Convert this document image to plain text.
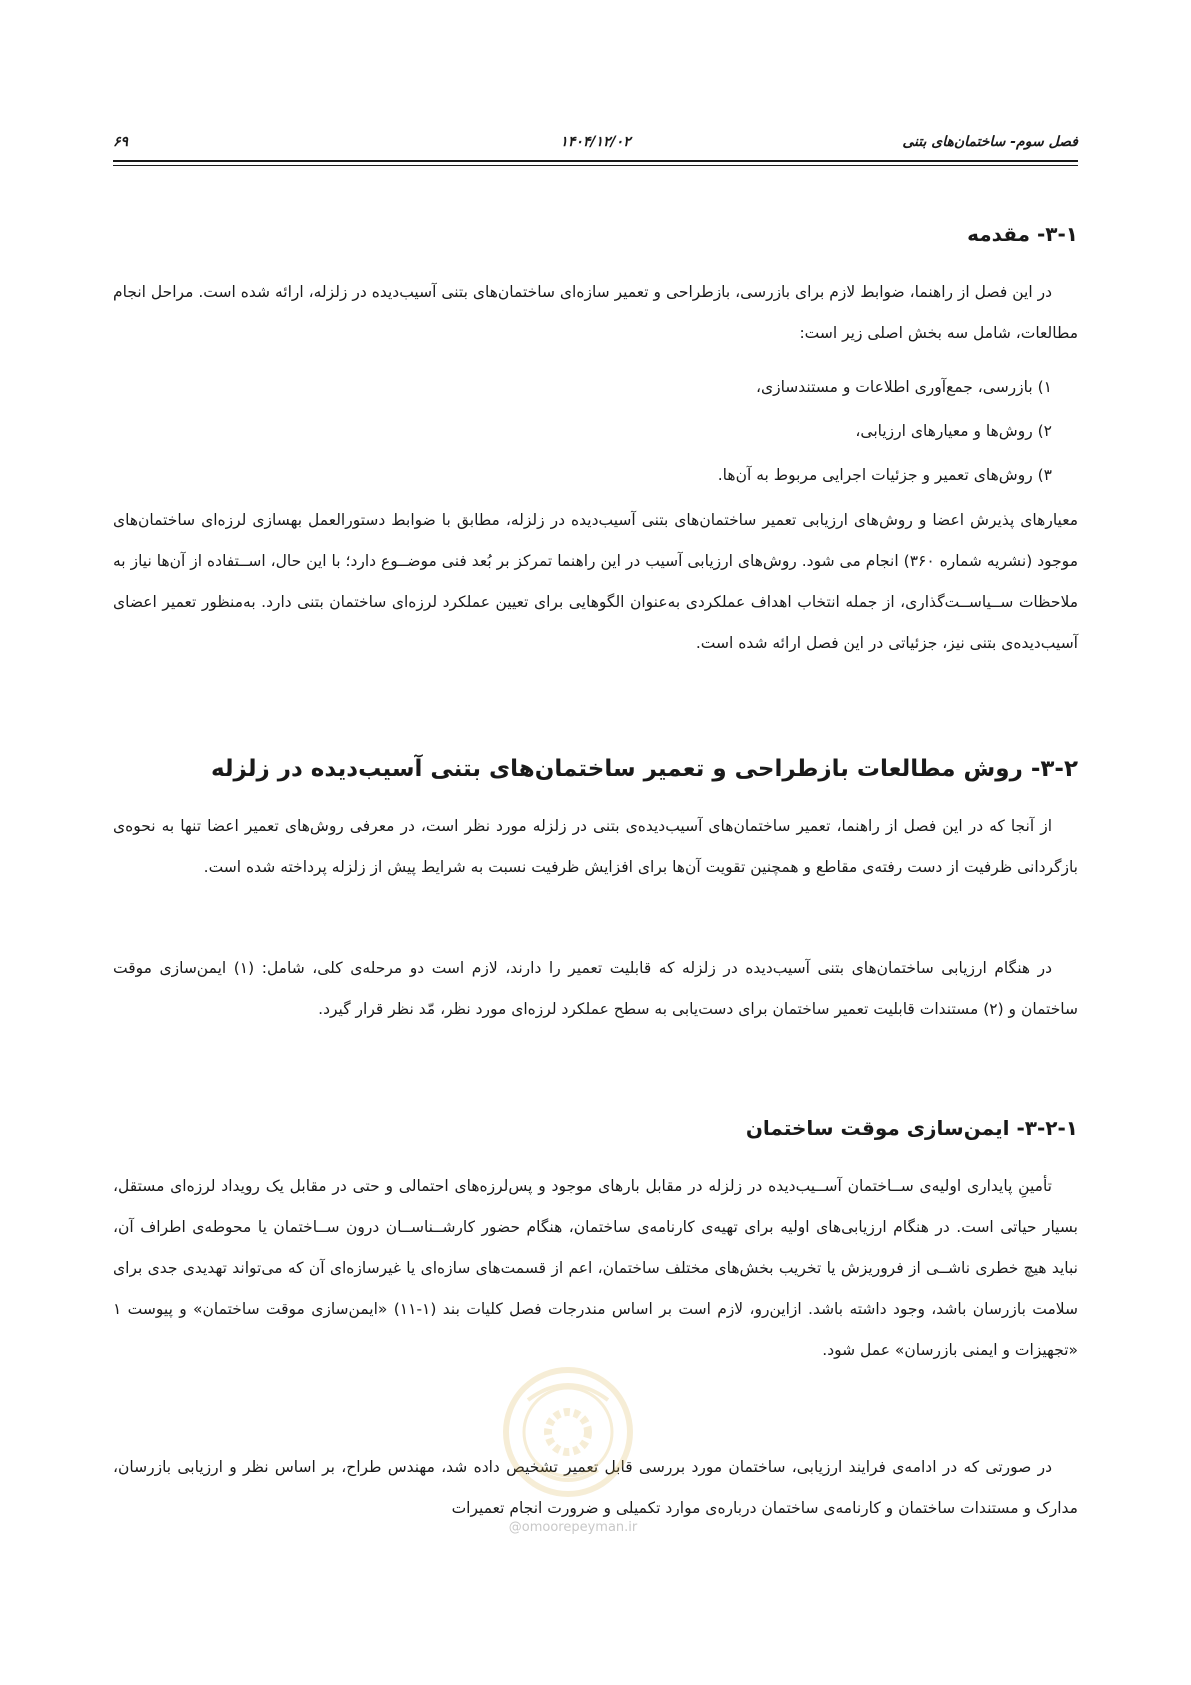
فصل سوم- ساختمان‌های بتنی
۱۴۰۴/۱۲/۰۲
۶۹
۳-۱- مقدمه
در این فصل از راهنما، ضوابط لازم برای بازرسی، بازطراحی و تعمیر سازه‌ای ساختمان‌های بتنی آسیب‌دیده در زلزله، ارائه شده است. مراحل انجام مطالعات، شامل سه بخش اصلی زیر است:
۱) بازرسی، جمع‌آوری اطلاعات و مستندسازی،
۲) روش‌ها و معیارهای ارزیابی،
۳) روش‌های تعمیر و جزئیات اجرایی مربوط به آن‌ها.
معیارهای پذیرش اعضا و روش‌های ارزیابی تعمیر ساختمان‌های بتنی آسیب‌دیده در زلزله، مطابق با ضوابط دستورالعمل بهسازی لرزه‌ای ساختمان‌های موجود (نشریه شماره ۳۶۰) انجام می شود. روش‌های ارزیابی آسیب در این راهنما تمرکز بر بُعد فنی موضــوع دارد؛ با این حال، اســتفاده از آن‌ها نیاز به ملاحظات ســیاســت‌گذاری، از جمله انتخاب اهداف عملکردی به‌عنوان الگوهایی برای تعیین عملکرد لرزه‌ای ساختمان بتنی دارد. به‌منظور تعمیر اعضای آسیب‌دیده‌ی بتنی نیز، جزئیاتی در این فصل ارائه شده است.
۳-۲- روش مطالعات بازطراحی و تعمیر ساختمان‌های بتنی آسیب‌دیده در زلزله
از آنجا که در این فصل از راهنما، تعمیر ساختمان‌های آسیب‌دیده‌ی بتنی در زلزله مورد نظر است، در معرفی روش‌های تعمیر اعضا تنها به نحوه‌ی بازگردانی ظرفیت از دست رفته‌ی مقاطع و همچنین تقویت آن‌ها برای افزایش ظرفیت نسبت به شرایط پیش از زلزله پرداخته شده است.
در هنگام ارزیابی ساختمان‌های بتنی آسیب‌دیده در زلزله که قابلیت تعمیر را دارند، لازم است دو مرحله‌ی کلی، شامل: (۱) ایمن‌سازی موقت ساختمان و (۲) مستندات قابلیت تعمیر ساختمان برای دست‌یابی به سطح عملکرد لرزه‌ای مورد نظر، مّد نظر قرار گیرد.
۳-۲-۱- ایمن‌سازی موقت ساختمان
تأمینِ پایداری اولیه‌ی ســاختمان آســیب‌دیده در زلزله در مقابل بارهای موجود و پس‌لرزه‌های احتمالی و حتی در مقابل یک رویداد لرزه‌ای مستقل، بسیار حیاتی است. در هنگام ارزیابی‌های اولیه برای تهیه‌ی کارنامه‌ی ساختمان، هنگام حضور کارشــناســان درون ســاختمان یا محوطه‌ی اطراف آن، نباید هیچ خطری ناشــی از فروریزش یا تخریب بخش‌های مختلف ساختمان، اعم از قسمت‌های سازه‌ای یا غیرسازه‌ای آن که می‌تواند تهدیدی جدی برای سلامت بازرسان باشد، وجود داشته باشد. ازاین‌رو، لازم است بر اساس مندرجات فصل کلیات بند (۱-۱۱) «ایمن‌سازی موقت ساختمان» و پیوست ۱ «تجهیزات و ایمنی بازرسان» عمل شود.
در صورتی که در ادامه‌ی فرایند ارزیابی، ساختمان مورد بررسی قابل تعمیر تشخیص داده شد، مهندس طراح، بر اساس نظر و ارزیابی بازرسان، مدارک و مستندات ساختمان و کارنامه‌ی ساختمان درباره‌ی موارد تکمیلی و ضرورت انجام تعمیرات
@omoorepeyman.ir
